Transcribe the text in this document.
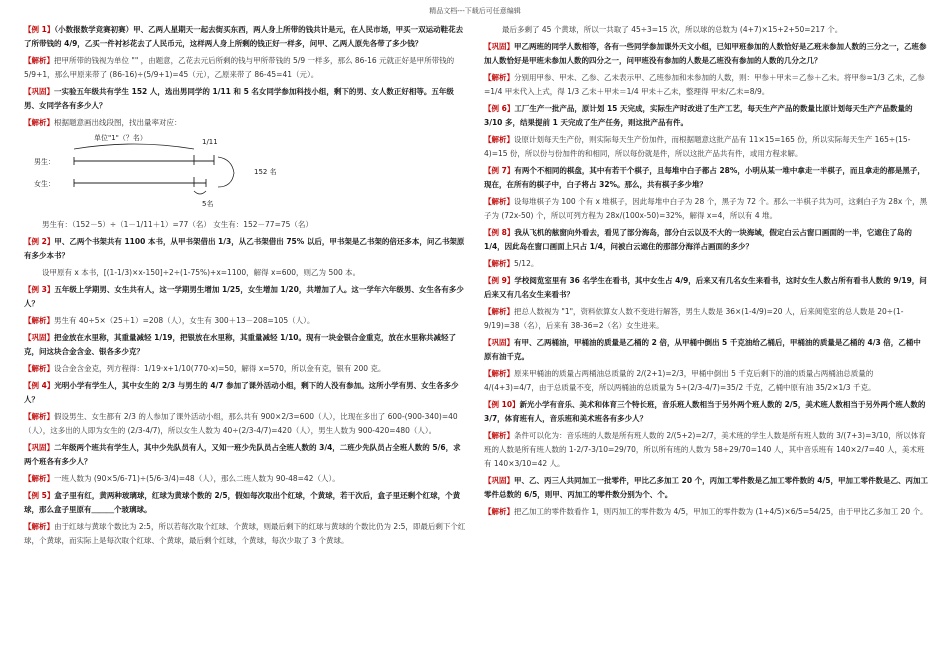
精品文档---下载后可任意编辑

【例 1】（小数报数学竞赛初赛）甲、乙两人星期天一起去街买东西，两人身上所带的钱共计是元，在人民市场，甲买一双运动鞋花去了所带钱的 4/9，乙买一件衬衫花去了人民币元，这样两人身上所剩的钱正好一样多，问甲、乙两人原先各带了多少钱？

【解析】把甲所带的钱视为单位 "" ，由题意，乙花去元后所剩的钱与甲所带钱的 5/9 一样多，那么 86-16 元就正好是甲所带钱的 5/9+1，那么甲原来带了 (86-16)÷(5/9+1)=45（元），乙原来带了 86-45=41（元）。

【巩固】一实验五年级共有学生 152 人，选出男同学的 1/11 和 5 名女同学参加科技小组，剩下的男、女人数正好相等。五年级男、女同学各有多少人？

【解析】根据题意画出线段图，找出量率对应：

单位"1"（？名）
男生：
女生：
1/11
152 名
5名

男生有：（152－5）÷（1－1/11＋1）=77（名） 女生有：152－77=75（名）

【例 2】甲、乙两个书架共有 1100 本书，从甲书架借出 1/3，从乙书架借出 75% 以后，甲书架是乙书架的倍还多本，问乙书架原有多少本书？

设甲原有 x 本书，[(1-1/3)×x-150]÷2÷(1-75%)+x=1100，解得 x=600，则乙为 500 本。

【例 3】五年级上学期男、女生共有人，这一学期男生增加 1/25，女生增加 1/20，共增加了人。这一学年六年级男、女生各有多少人？

【解析】男生有 40÷5×（25＋1）=208（人），女生有 300＋13－208=105（人）。

【巩固】把金放在水里称，其重量减轻 1/19，把银放在水里称，其重量减轻 1/10。现有一块金银合金重克，放在水里称共减轻了克，问这块合金含金、银各多少克？

【解析】设合金含金克，列方程得：1/19·x+1/10(770-x)=50，解得 x=570，所以金有克，银有 200 克。

【例 4】光明小学有学生人，其中女生的 2/3 与男生的 4/7 参加了课外活动小组，剩下的人没有参加。这所小学有男、女生各多少人？

【解析】假设男生、女生都有 2/3 的人参加了课外活动小组，那么共有 900×2/3=600（人），比现在多出了 600-(900-340)=40（人），这多出的人即为女生的 (2/3-4/7)，所以女生人数为 40÷(2/3-4/7)=420（人），男生人数为 900-420=480（人）。

【巩固】二年级两个班共有学生人，其中少先队员有人，又知一班少先队员占全班人数的 3/4，二班少先队员占全班人数的 5/6，求两个班各有多少人？

【解析】一班人数为 (90×5/6-71)÷(5/6-3/4)=48（人），那么二班人数为 90-48=42（人）。

【例 5】盒子里有红，黄两种玻璃球，红球为黄球个数的 2/5，假如每次取出个红球，个黄球，若干次后，盒子里还剩个红球，个黄球，那么盒子里原有＿＿＿个玻璃球。

【解析】由于红球与黄球个数比为 2:5，所以若每次取个红球、个黄球，则最后剩下的红球与黄球的个数比仍为 2:5，即最后剩下个红球，个黄球，而实际上是每次取个红球、个黄球，最后剩个红球，个黄球，每次少取了 3 个黄球。

最后多剩了 45 个黄球，所以一共取了 45÷3=15 次，所以球的总数为 (4+7)×15+2+50=217 个。

【巩固】甲乙两班的同学人数相等，各有一些同学参加课外天文小组，已知甲班参加的人数恰好是乙班未参加人数的三分之一，乙班参加人数恰好是甲班未参加人数的四分之一，问甲班没有参加的人数是乙班没有参加的人数的几分之几？

【解析】分别用甲参、甲未、乙参、乙未表示甲、乙班参加和未参加的人数，则：甲参＋甲未＝乙参＋乙未。将甲参=1/3 乙未，乙参=1/4 甲未代入上式，得 1/3 乙未＋甲未＝1/4 甲未＋乙未，整理得 甲未/乙未=8/9。

【例 6】工厂生产一批产品，原计划 15 天完成，实际生产时改进了生产工艺，每天生产产品的数量比原计划每天生产产品数量的 3/10 多，结果提前 1 天完成了生产任务，则这批产品有件。

【解析】设原计划每天生产份，则实际每天生产份加件，而根据题意这批产品有 11×15=165 份，所以实际每天生产 165÷(15-4)=15 份，所以份与份加件的和相同，所以每份就是件，所以这批产品共有件，或用方程求解。

【例 7】有两个不相同的棋盘，其中有若干个棋子，且每堆中白子都占 28%，小明从某一堆中拿走一半棋子，而且拿走的都是黑子，现在，在所有的棋子中，白子将占 32%。那么，共有棋子多少堆？

【解析】设每堆棋子为 100 个有 x 堆棋子，因此每堆中白子为 28 个，黑子为 72 个。那么一半棋子共为可，这剩白子为 28x 个，黑子为 (72x-50) 个，所以可列方程为 28x/(100x-50)=32%，解得 x=4，所以有 4 堆。

【例 8】我从飞机的舷窗向外看去，看见了部分海岛，部分白云以及不大的一块海域，假定白云占窗口画面的一半，它遮住了岛的 1/4，因此岛在窗口画面上只占 1/4，问被白云遮住的那部分海洋占画面的多少？

【解析】5/12。

【例 9】学校阅览室里有 36 名学生在看书，其中女生占 4/9，后来又有几名女生来看书，这时女生人数占所有看书人数的 9/19，问后来又有几名女生来看书？

【解析】把总人数视为 "1"，资料依算女人数不变进行解答，男生人数是 36×(1-4/9)=20 人，后来阅览室的总人数是 20÷(1-9/19)=38（名），后来有 38-36=2（名）女生进来。

【巩固】有甲、乙两桶油，甲桶油的质量是乙桶的 2 倍，从甲桶中倒出 5 千克油给乙桶后，甲桶油的质量是乙桶的 4/3 倍，乙桶中原有油千克。

【解析】原来甲桶油的质量占两桶油总质量的 2/(2+1)=2/3，甲桶中倒出 5 千克后剩下的油的质量占两桶油总质量的 4/(4+3)=4/7，由于总质量不变，所以两桶油的总质量为 5÷(2/3-4/7)=35/2 千克，乙桶中原有油 35/2×1/3 千克。

【例 10】新光小学有音乐、美术和体育三个特长班，音乐班人数相当于另外两个班人数的 2/5，美术班人数相当于另外两个班人数的 3/7，体育班有人，音乐班和美术班各有多少人？

【解析】条件可以化为：音乐班的人数是所有班人数的 2/(5+2)=2/7，美术班的学生人数是所有班人数的 3/(7+3)=3/10，所以体育班的人数是所有班人数的 1-2/7-3/10=29/70，所以所有班的人数为 58÷29/70=140 人，其中音乐班有 140×2/7=40 人，美术班有 140×3/10=42 人。

【巩固】甲、乙、丙三人共同加工一批零件，甲比乙多加工 20 个，丙加工零件数是乙加工零件数的 4/5，甲加工零件数是乙、丙加工零件总数的 6/5，则甲、丙加工的零件数分别为个、个。

【解析】把乙加工的零件数看作 1，则丙加工的零件数为 4/5，甲加工的零件数为 (1+4/5)×6/5=54/25，由于甲比乙多加工 20 个。
